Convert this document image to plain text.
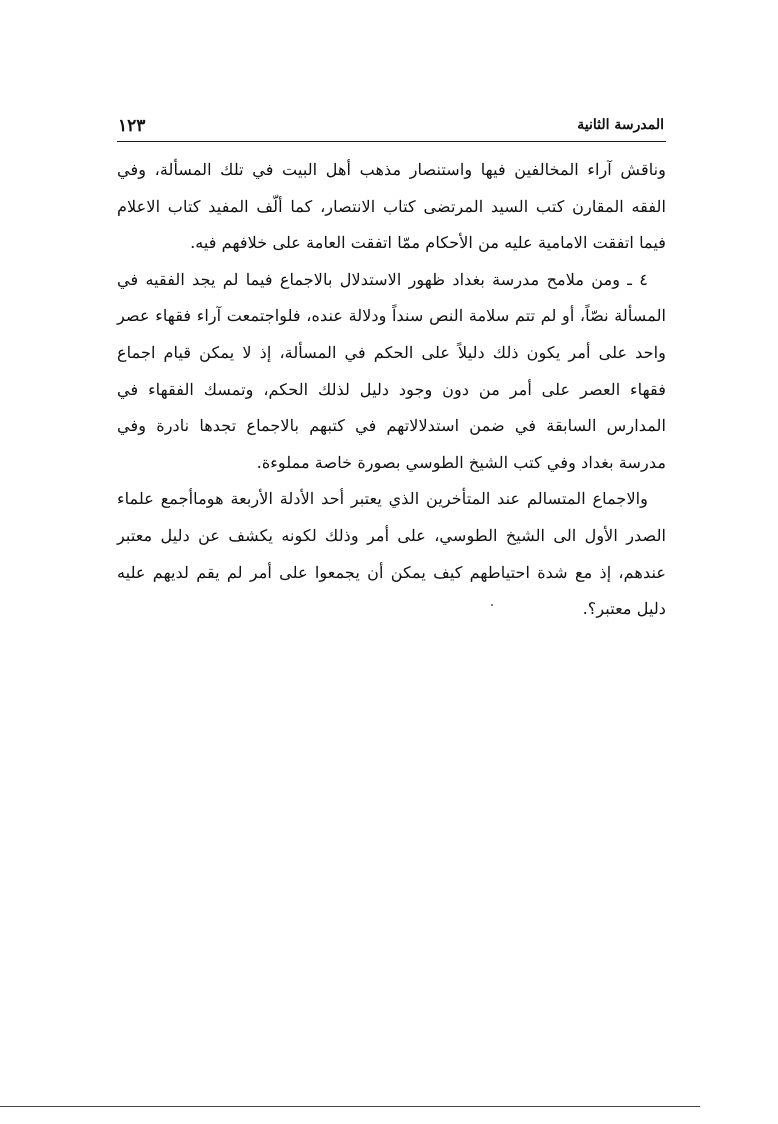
المدرسة الثانية
١٢٣

وناقش آراء المخالفين فيها واستنصار مذهب أهل البيت في تلك المسألة، وفي الفقه المقارن كتب السيد المرتضى كتاب الانتصار، كما ألّف المفيد كتاب الاعلام فيما اتفقت الامامية عليه من الأحكام ممّا اتفقت العامة على خلافهم فيه.

٤ ـ ومن ملامح مدرسة بغداد ظهور الاستدلال بالاجماع فيما لم يجد الفقيه في المسألة نصّاً، أو لم تتم سلامة النص سنداً ودلالة عنده، فلواجتمعت آراء فقهاء عصر واحد على أمر يكون ذلك دليلاً على الحكم في المسألة، إذ لا يمكن قيام اجماع فقهاء العصر على أمر من دون وجود دليل لذلك الحكم، وتمسك الفقهاء في المدارس السابقة في ضمن استدلالاتهم في كتبهم بالاجماع تجدها نادرة وفي مدرسة بغداد وفي كتب الشيخ الطوسي بصورة خاصة مملوءة.

والاجماع المتسالم عند المتأخرين الذي يعتبر أحد الأدلة الأربعة هوماأجمع علماء الصدر الأول الى الشيخ الطوسي، على أمر وذلك لكونه يكشف عن دليل معتبر عندهم، إذ مع شدة احتياطهم كيف يمكن أن يجمعوا على أمر لم يقم لديهم عليه دليل معتبر؟.
